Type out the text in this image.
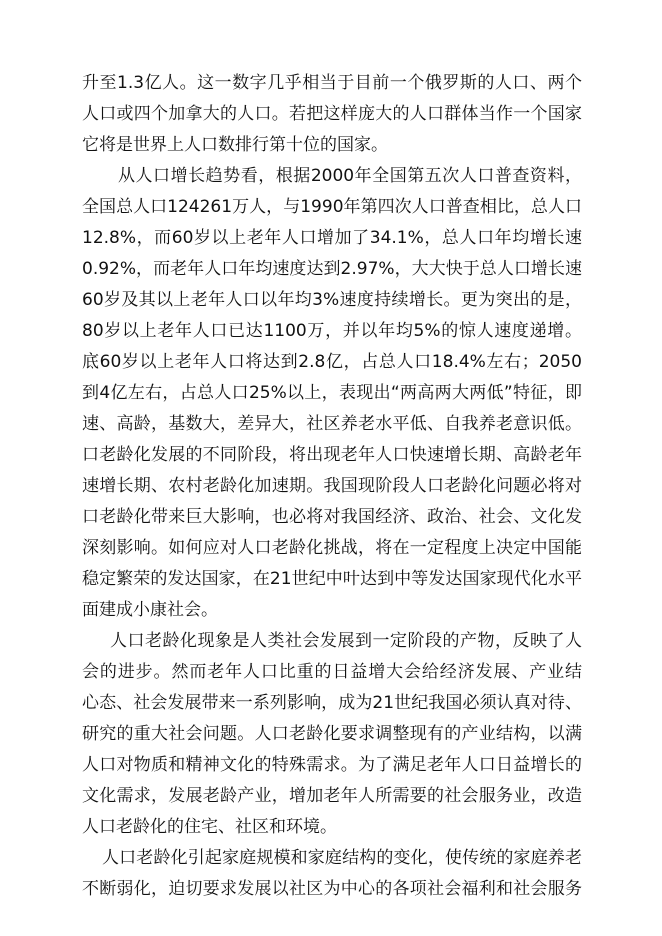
升至1.3亿人。这一数字几乎相当于目前一个俄罗斯的人口、两个
人口或四个加拿大的人口。若把这样庞大的人口群体当作一个国家
它将是世界上人口数排行第十位的国家。
从人口增长趋势看，根据2000年全国第五次人口普查资料，
全国总人口124261万人，与1990年第四次人口普查相比，总人口
12.8%，而60岁以上老年人口增加了34.1%，总人口年均增长速
0.92%，而老年人口年均速度达到2.97%，大大快于总人口增长速
60岁及其以上老年人口以年均3%速度持续增长。更为突出的是，
80岁以上老年人口已达1100万，并以年均5%的惊人速度递增。
底60岁以上老年人口将达到2.8亿，占总人口18.4%左右；2050
到4亿左右，占总人口25%以上，表现出“两高两大两低”特征，即
速、高龄，基数大，差异大，社区养老水平低、自我养老意识低。
口老龄化发展的不同阶段，将出现老年人口快速增长期、高龄老年
速增长期、农村老龄化加速期。我国现阶段人口老龄化问题必将对
口老龄化带来巨大影响，也必将对我国经济、政治、社会、文化发
深刻影响。如何应对人口老龄化挑战，将在一定程度上决定中国能
稳定繁荣的发达国家，在21世纪中叶达到中等发达国家现代化水平
面建成小康社会。
人口老龄化现象是人类社会发展到一定阶段的产物，反映了人
会的进步。然而老年人口比重的日益增大会给经济发展、产业结
心态、社会发展带来一系列影响，成为21世纪我国必须认真对待、
研究的重大社会问题。人口老龄化要求调整现有的产业结构，以满
人口对物质和精神文化的特殊需求。为了满足老年人口日益增长的
文化需求，发展老龄产业，增加老年人所需要的社会服务业，改造
人口老龄化的住宅、社区和环境。
人口老龄化引起家庭规模和家庭结构的变化，使传统的家庭养老
不断弱化，迫切要求发展以社区为中心的各项社会福利和社会服务
